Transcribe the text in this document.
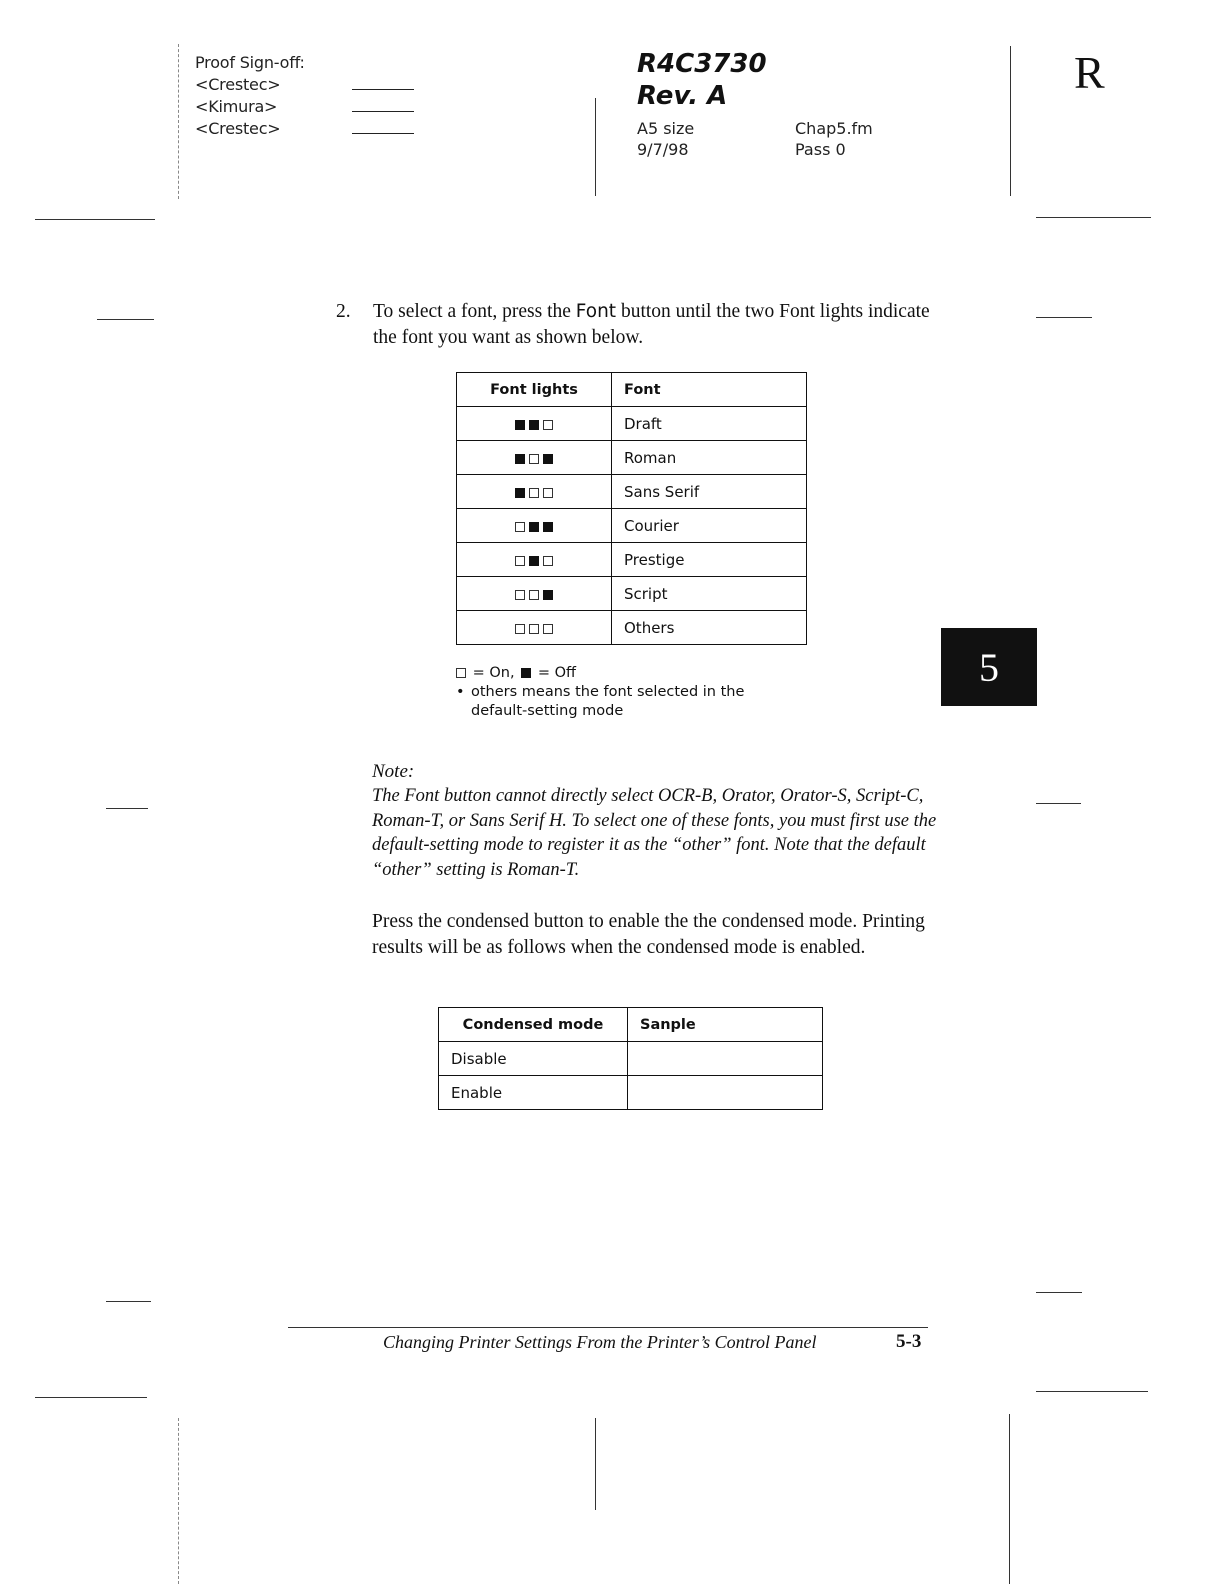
Proof Sign-off:
<Crestec>
<Kimura>
<Crestec>
R4C3730
Rev. A
A5 size
9/7/98
Chap5.fm
Pass 0
R
2. To select a font, press the Font button until the two Font lights indicate the font you want as shown below.
Font lights	Font
	Draft
	Roman
	Sans Serif
	Courier
	Prestige
	Script
	Others
= On, = Off
• others means the font selected in the
default-setting mode
5
Note:
The Font button cannot directly select OCR-B, Orator, Orator-S, Script-C, Roman-T, or Sans Serif H. To select one of these fonts, you must first use the default-setting mode to register it as the “other” font. Note that the default “other” setting is Roman-T.
Press the condensed button to enable the the condensed mode. Printing results will be as follows when the condensed mode is enabled.
Condensed mode	Sanple
Disable	
Enable	
Changing Printer Settings From the Printer’s Control Panel	5-3
